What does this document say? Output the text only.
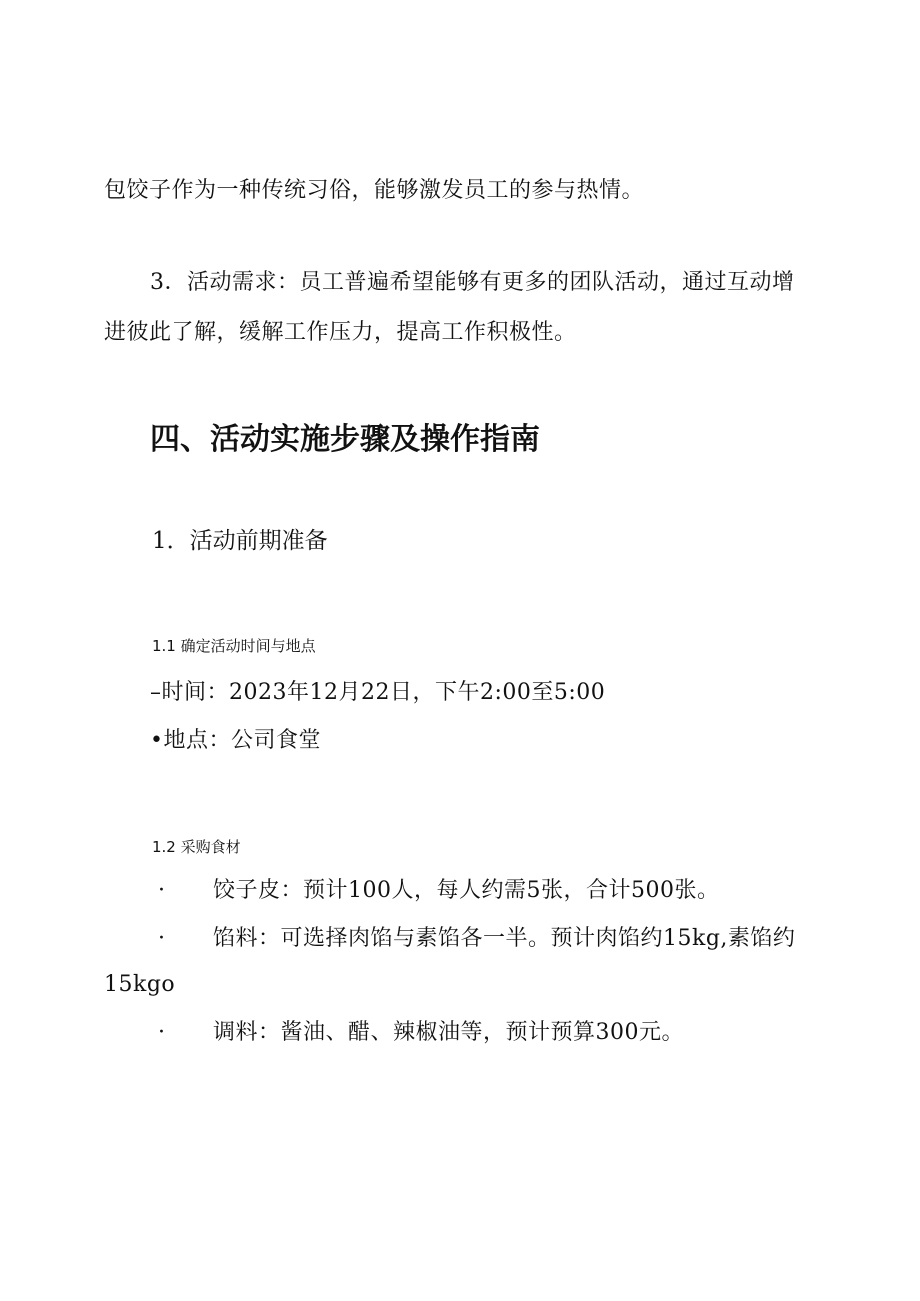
包饺子作为一种传统习俗，能够激发员工的参与热情。
3．活动需求：员工普遍希望能够有更多的团队活动，通过互动增
进彼此了解，缓解工作压力，提高工作积极性。
四、活动实施步骤及操作指南
1．活动前期准备
1.1 确定活动时间与地点
–时间：2023年12月22日，下午2:00至5:00
•地点：公司食堂
1.2 采购食材
· 饺子皮：预计100人，每人约需5张，合计500张。
· 馅料：可选择肉馅与素馅各一半。预计肉馅约15kg,素馅约
15kgo
· 调料：酱油、醋、辣椒油等，预计预算300元。
